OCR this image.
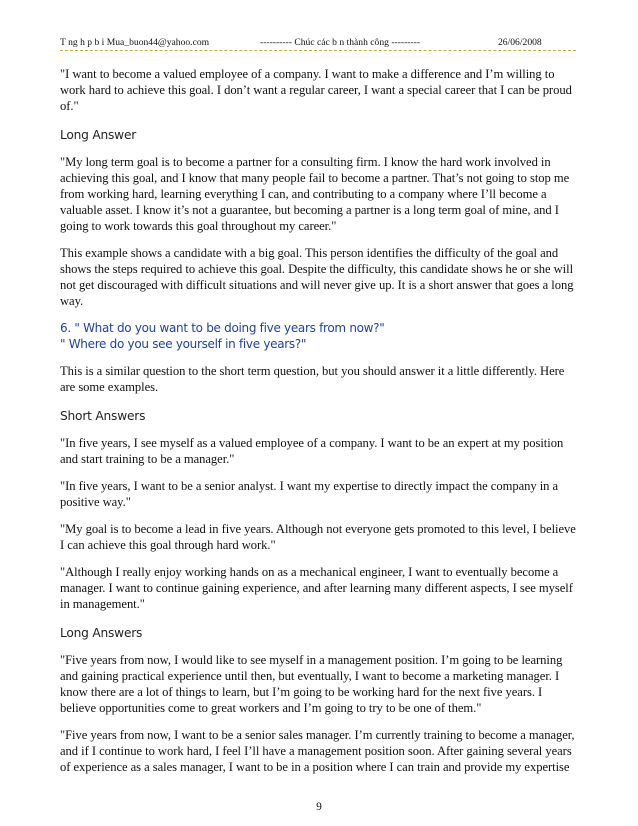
T ng h p b i Mua_buon44@yahoo.com	---------- Chúc các b n thành công ---------	26/06/2008

"I want to become a valued employee of a company. I want to make a difference and I’m willing to work hard to achieve this goal. I don’t want a regular career, I want a special career that I can be proud of."

Long Answer

"My long term goal is to become a partner for a consulting firm. I know the hard work involved in achieving this goal, and I know that many people fail to become a partner. That’s not going to stop me from working hard, learning everything I can, and contributing to a company where I’ll become a valuable asset. I know it’s not a guarantee, but becoming a partner is a long term goal of mine, and I going to work towards this goal throughout my career."

This example shows a candidate with a big goal. This person identifies the difficulty of the goal and shows the steps required to achieve this goal. Despite the difficulty, this candidate shows he or she will not get discouraged with difficult situations and will never give up. It is a short answer that goes a long way.

6. " What do you want to be doing five years from now?"

" Where do you see yourself in five years?"

This is a similar question to the short term question, but you should answer it a little differently. Here are some examples.

Short Answers

"In five years, I see myself as a valued employee of a company. I want to be an expert at my position and start training to be a manager."

"In five years, I want to be a senior analyst. I want my expertise to directly impact the company in a positive way."

"My goal is to become a lead in five years. Although not everyone gets promoted to this level, I believe I can achieve this goal through hard work."

"Although I really enjoy working hands on as a mechanical engineer, I want to eventually become a manager. I want to continue gaining experience, and after learning many different aspects, I see myself in management."

Long Answers

"Five years from now, I would like to see myself in a management position. I’m going to be learning and gaining practical experience until then, but eventually, I want to become a marketing manager. I know there are a lot of things to learn, but I’m going to be working hard for the next five years. I believe opportunities come to great workers and I’m going to try to be one of them."

"Five years from now, I want to be a senior sales manager. I’m currently training to become a manager, and if I continue to work hard, I feel I’ll have a management position soon. After gaining several years of experience as a sales manager, I want to be in a position where I can train and provide my expertise

9
